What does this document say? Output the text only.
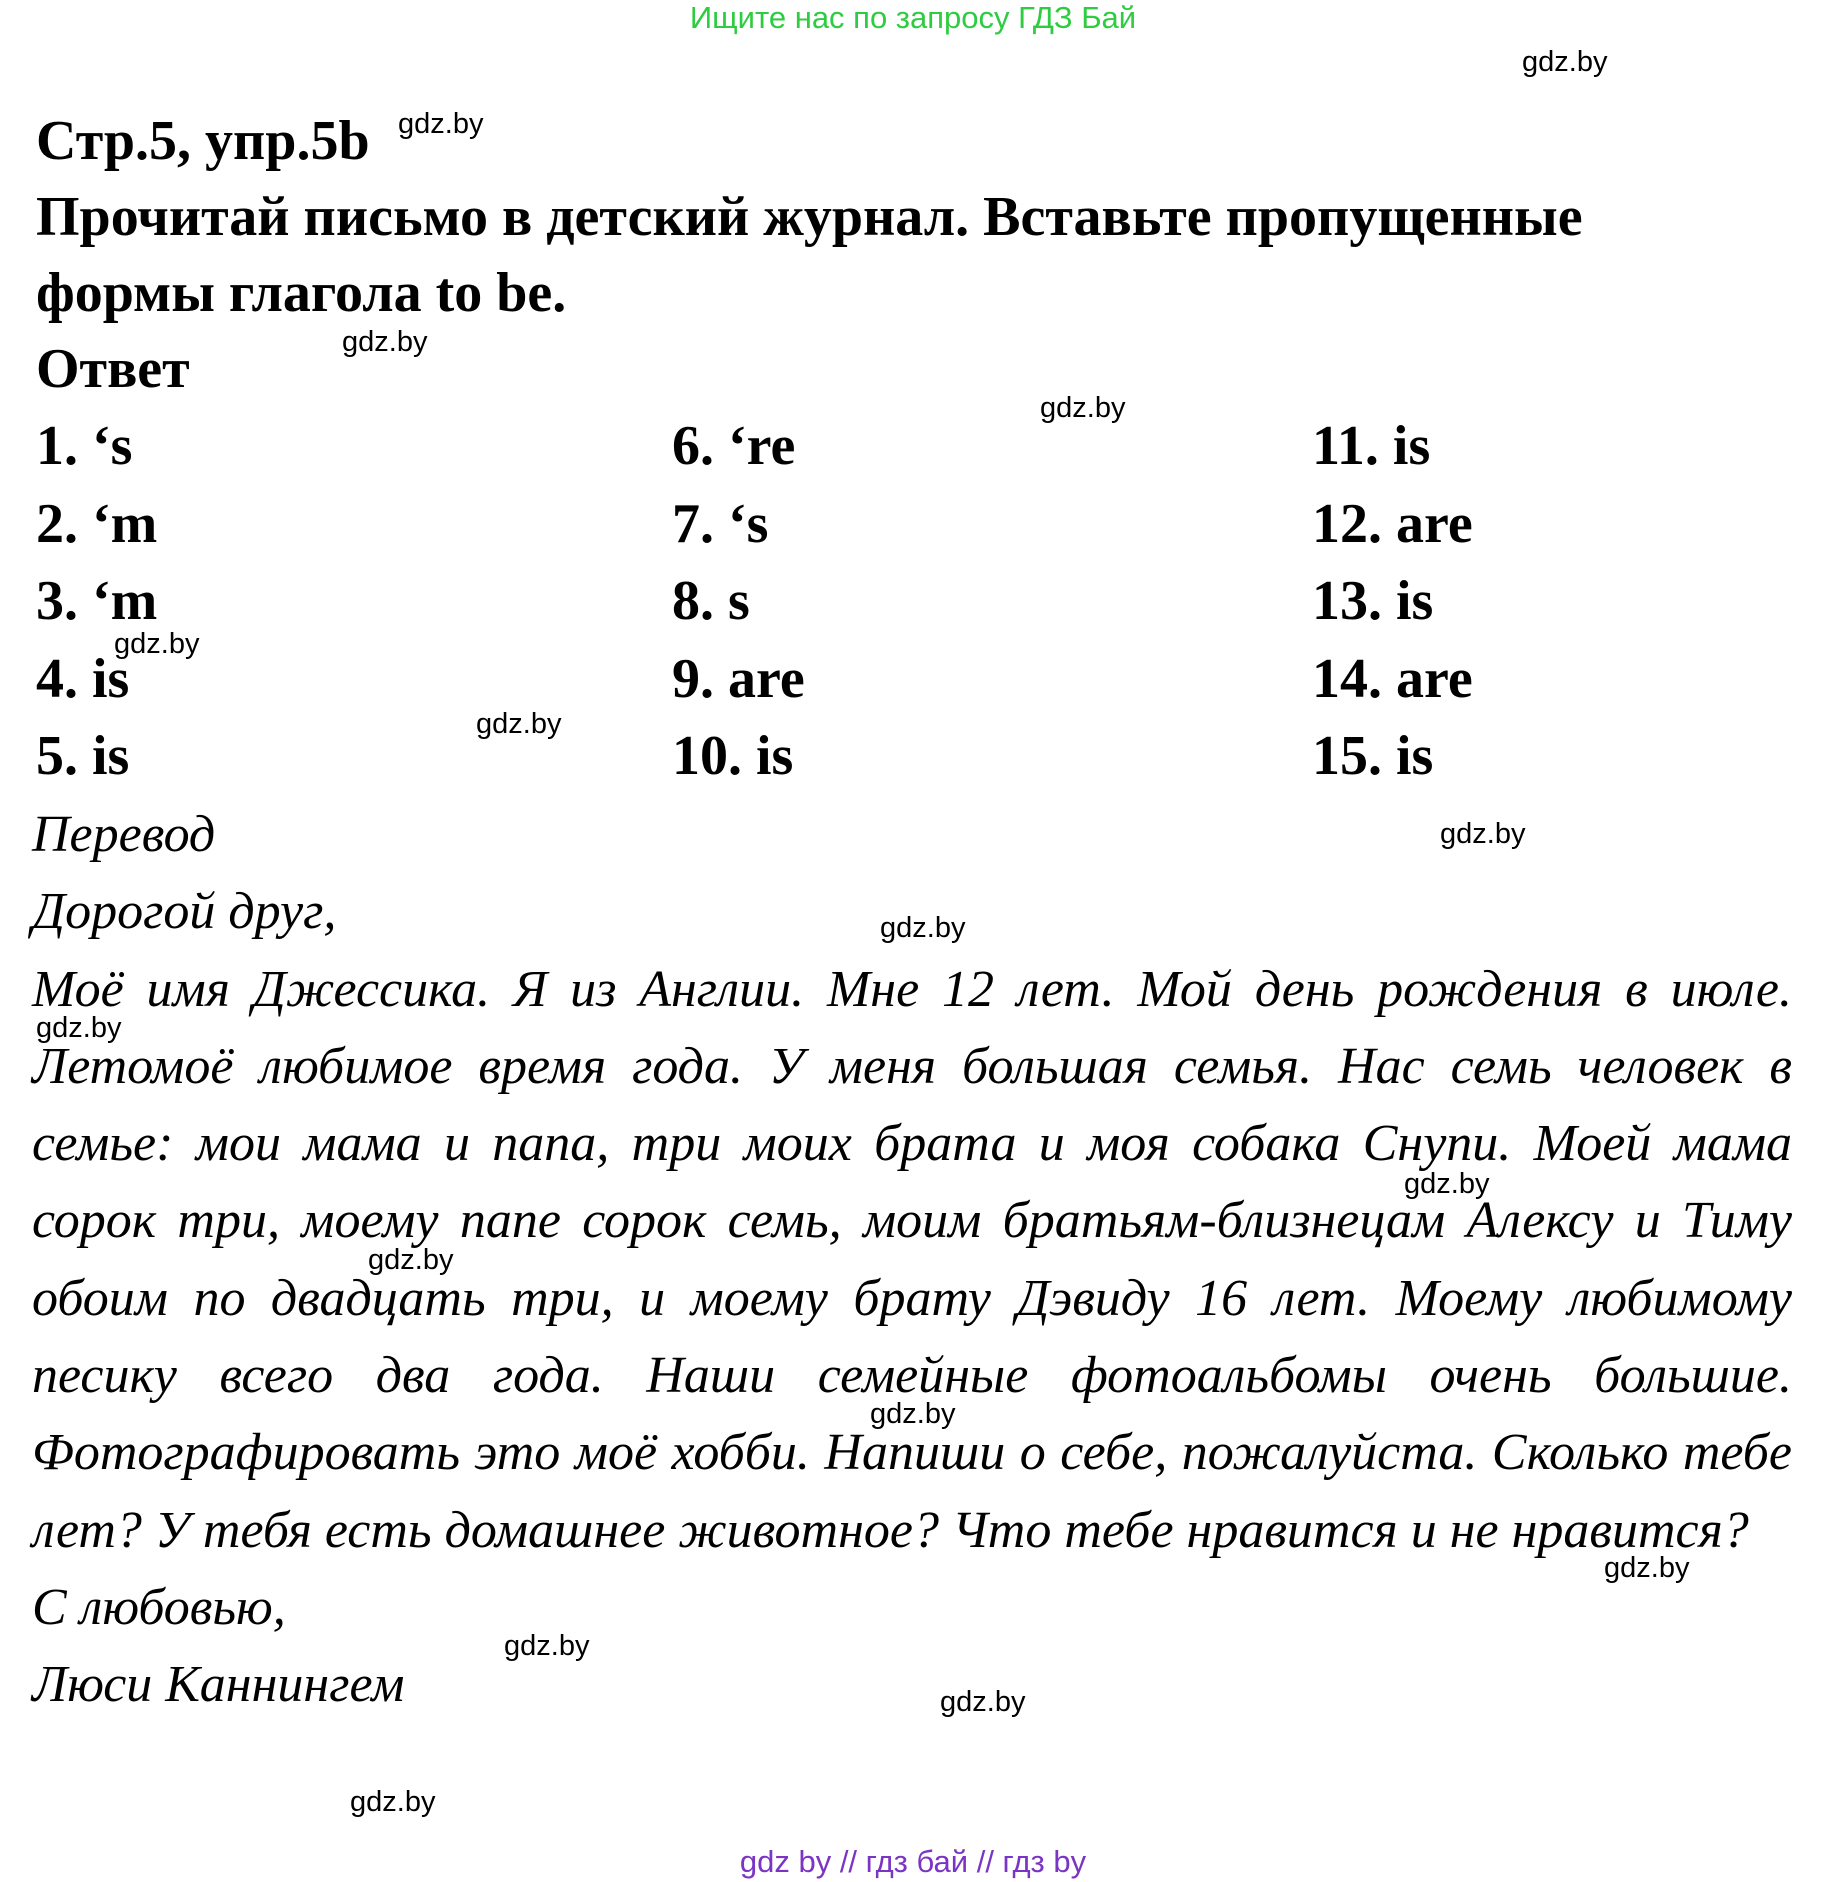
Ищите нас по запросу ГДЗ Бай
Стр.5, упр.5b
Прочитай письмо в детский журнал. Вставьте пропущенные
формы глагола to be.
Ответ
1. ‘s
2. ‘m
3. ‘m
4. is
5. is
6. ‘re
7. ‘s
8. s
9. are
10. is
11. is
12. are
13. is
14. are
15. is
Перевод
Дорогой друг,
Моё имя Джессика. Я из Англии. Мне 12 лет. Мой день рождения в июле. Летомоё любимое время года. У меня большая семья. Нас семь человек в семье: мои мама и папа, три моих брата и моя собака Снупи. Моей мама сорок три, моему папе сорок семь, моим братьям-близнецам Алексу и Тиму обоим по двадцать три, и моему брату Дэвиду 16 лет. Моему любимому песику всего два года. Наши семейные фотоальбомы очень большие. Фотографировать это моё хобби. Напиши о себе, пожалуйста. Сколько тебе лет? У тебя есть домашнее животное? Что тебе нравится и не нравится?
С любовью,
Люси Каннингем
gdz.by
gdz.by
gdz.by
gdz.by
gdz.by
gdz.by
gdz.by
gdz.by
gdz.by
gdz.by
gdz.by
gdz.by
gdz.by
gdz.by
gdz.by
gdz.by
gdz by // гдз бай // гдз by
